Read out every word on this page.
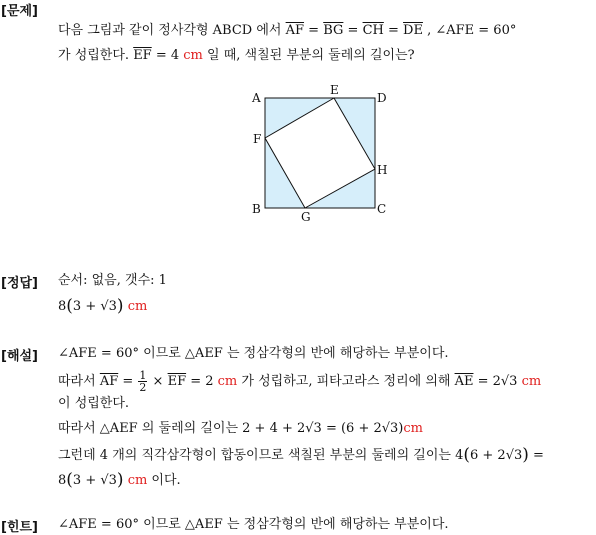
[문제]
다음 그림과 같이 정사각형 ABCD 에서 $\overline{AF} = \overline{BG} = \overline{CH} = \overline{DE}$ , ∠AFE = 60°
가 성립한다. $\overline{EF} = 4$ cm 일 때, 색칠된 부분의 둘레의 길이는?
A
E
D
F
H
B
G
C
[정답] 순서: 없음, 갯수: 1
8(3 + √3) cm
[해설] ∠AFE = 60° 이므로 △AEF 는 정삼각형의 반에 해당하는 부분이다.
따라서 $\overline{AF} = \frac{1}{2} \times \overline{EF} = 2$ cm 가 성립하고, 피타고라스 정리에 의해 $\overline{AE} = 2√3$ cm
이 성립한다.
따라서 △AEF 의 둘레의 길이는 2 + 4 + 2√3 = (6 + 2√3)cm
그런데 4 개의 직각삼각형이 합동이므로 색칠된 부분의 둘레의 길이는 4(6 + 2√3) =
8(3 + √3) cm 이다.
[힌트] ∠AFE = 60° 이므로 △AEF 는 정삼각형의 반에 해당하는 부분이다.
